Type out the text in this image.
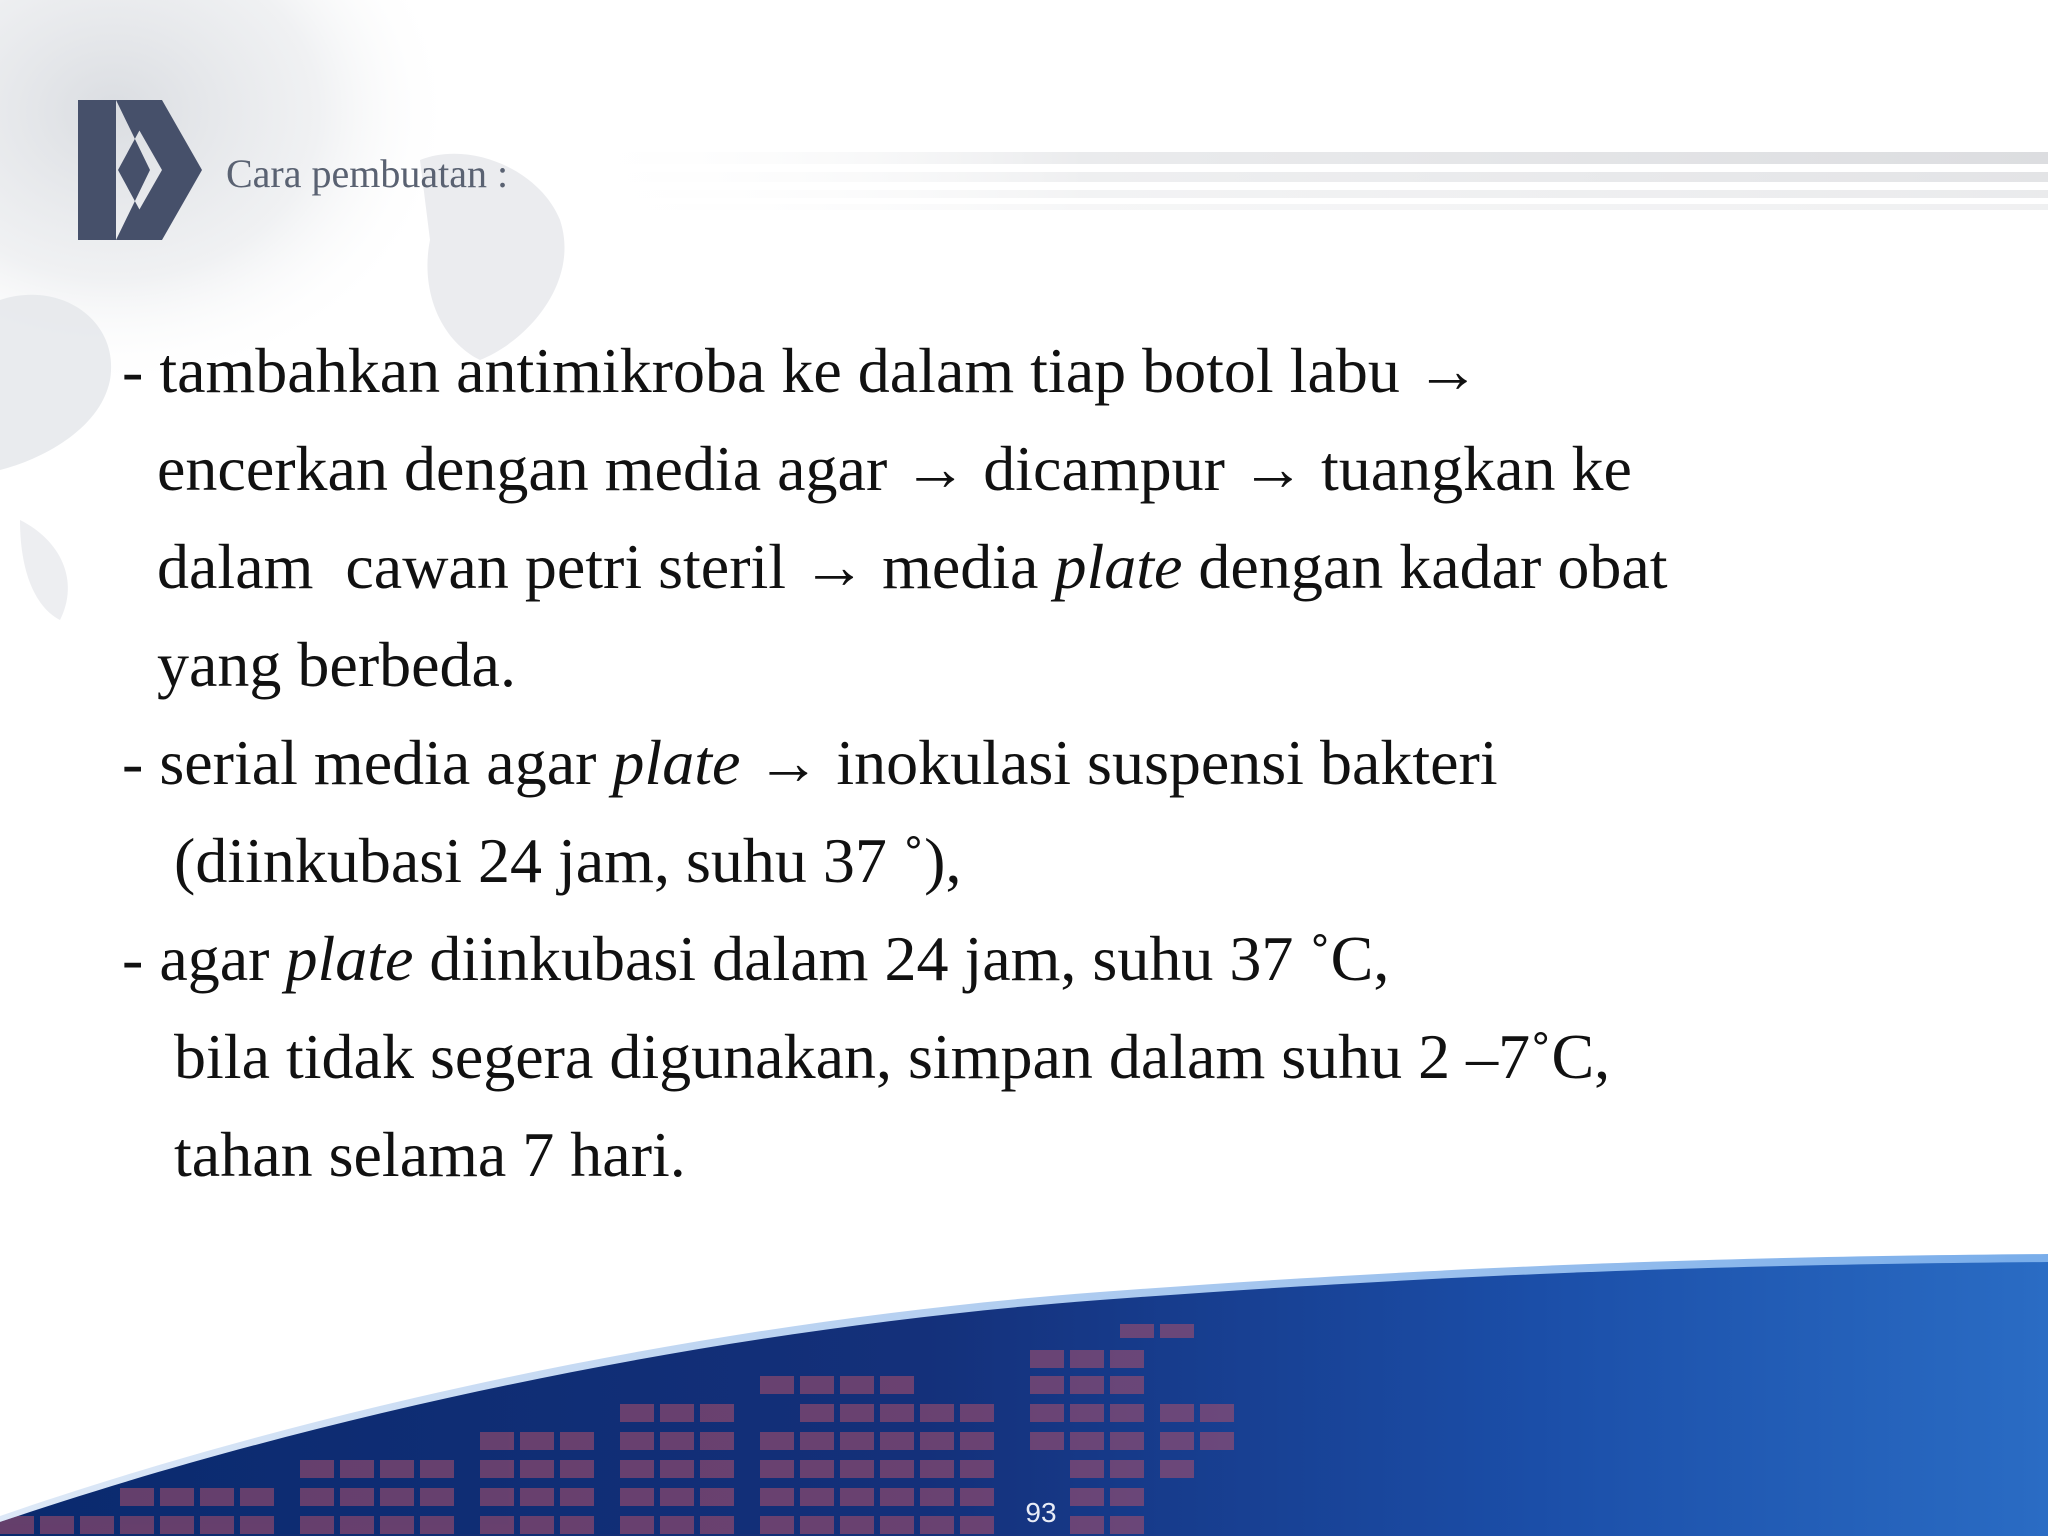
Cara pembuatan :
- tambahkan antimikroba ke dalam tiap botol labu →
encerkan dengan media agar → dicampur → tuangkan ke
dalam  cawan petri steril → media plate dengan kadar obat
yang berbeda.
- serial media agar plate → inokulasi suspensi bakteri
(diinkubasi 24 jam, suhu 37 ˚),
- agar plate diinkubasi dalam 24 jam, suhu 37 ˚C,
bila tidak segera digunakan, simpan dalam suhu 2 –7˚C,
tahan selama 7 hari.
93
